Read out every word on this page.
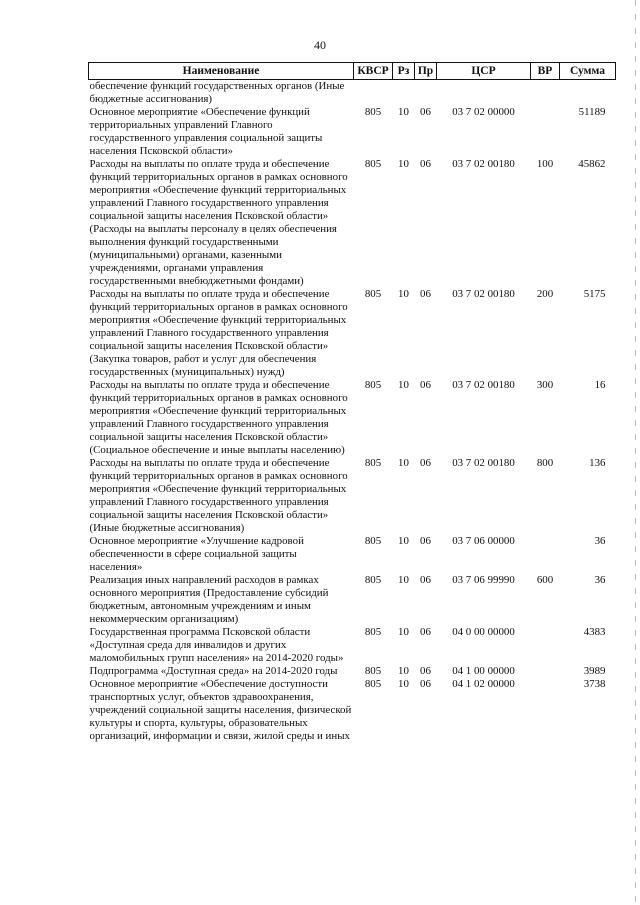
40
Наименование	КВСР	Рз	Пр	ЦСР	ВР	Сумма
обеспечение функций государственных органов (Иные бюджетные ассигнования)						
Основное мероприятие «Обеспечение функций территориальных управлений Главного государственного управления социальной защиты населения Псковской области»	805	10	06	03 7 02 00000		51189
Расходы на выплаты по оплате труда и обеспечение функций территориальных органов в рамках основного мероприятия «Обеспечение функций территориальных управлений Главного государственного управления социальной защиты населения Псковской области» (Расходы на выплаты персоналу в целях обеспечения выполнения функций государственными (муниципальными) органами, казенными учреждениями, органами управления государственными внебюджетными фондами)	805	10	06	03 7 02 00180	100	45862
Расходы на выплаты по оплате труда и обеспечение функций территориальных органов в рамках основного мероприятия «Обеспечение функций территориальных управлений Главного государственного управления социальной защиты населения Псковской области» (Закупка товаров, работ и услуг для обеспечения государственных (муниципальных) нужд)	805	10	06	03 7 02 00180	200	5175
Расходы на выплаты по оплате труда и обеспечение функций территориальных органов в рамках основного мероприятия «Обеспечение функций территориальных управлений Главного государственного управления социальной защиты населения Псковской области» (Социальное обеспечение и иные выплаты населению)	805	10	06	03 7 02 00180	300	16
Расходы на выплаты по оплате труда и обеспечение функций территориальных органов в рамках основного мероприятия «Обеспечение функций территориальных управлений Главного государственного управления социальной защиты населения Псковской области» (Иные бюджетные ассигнования)	805	10	06	03 7 02 00180	800	136
Основное мероприятие «Улучшение кадровой обеспеченности в сфере социальной защиты населения»	805	10	06	03 7 06 00000		36
Реализация иных направлений расходов в рамках основного мероприятия (Предоставление субсидий бюджетным, автономным учреждениям и иным некоммерческим организациям)	805	10	06	03 7 06 99990	600	36
Государственная программа Псковской области «Доступная среда для инвалидов и других маломобильных групп населения» на 2014-2020 годы»	805	10	06	04 0 00 00000		4383
Подпрограмма «Доступная среда» на 2014-2020 годы	805	10	06	04 1 00 00000		3989
Основное мероприятие «Обеспечение доступности транспортных услуг, объектов здравоохранения, учреждений социальной защиты населения, физической культуры и спорта, культуры, образовательных организаций, информации и связи, жилой среды и иных	805	10	06	04 1 02 00000		3738
